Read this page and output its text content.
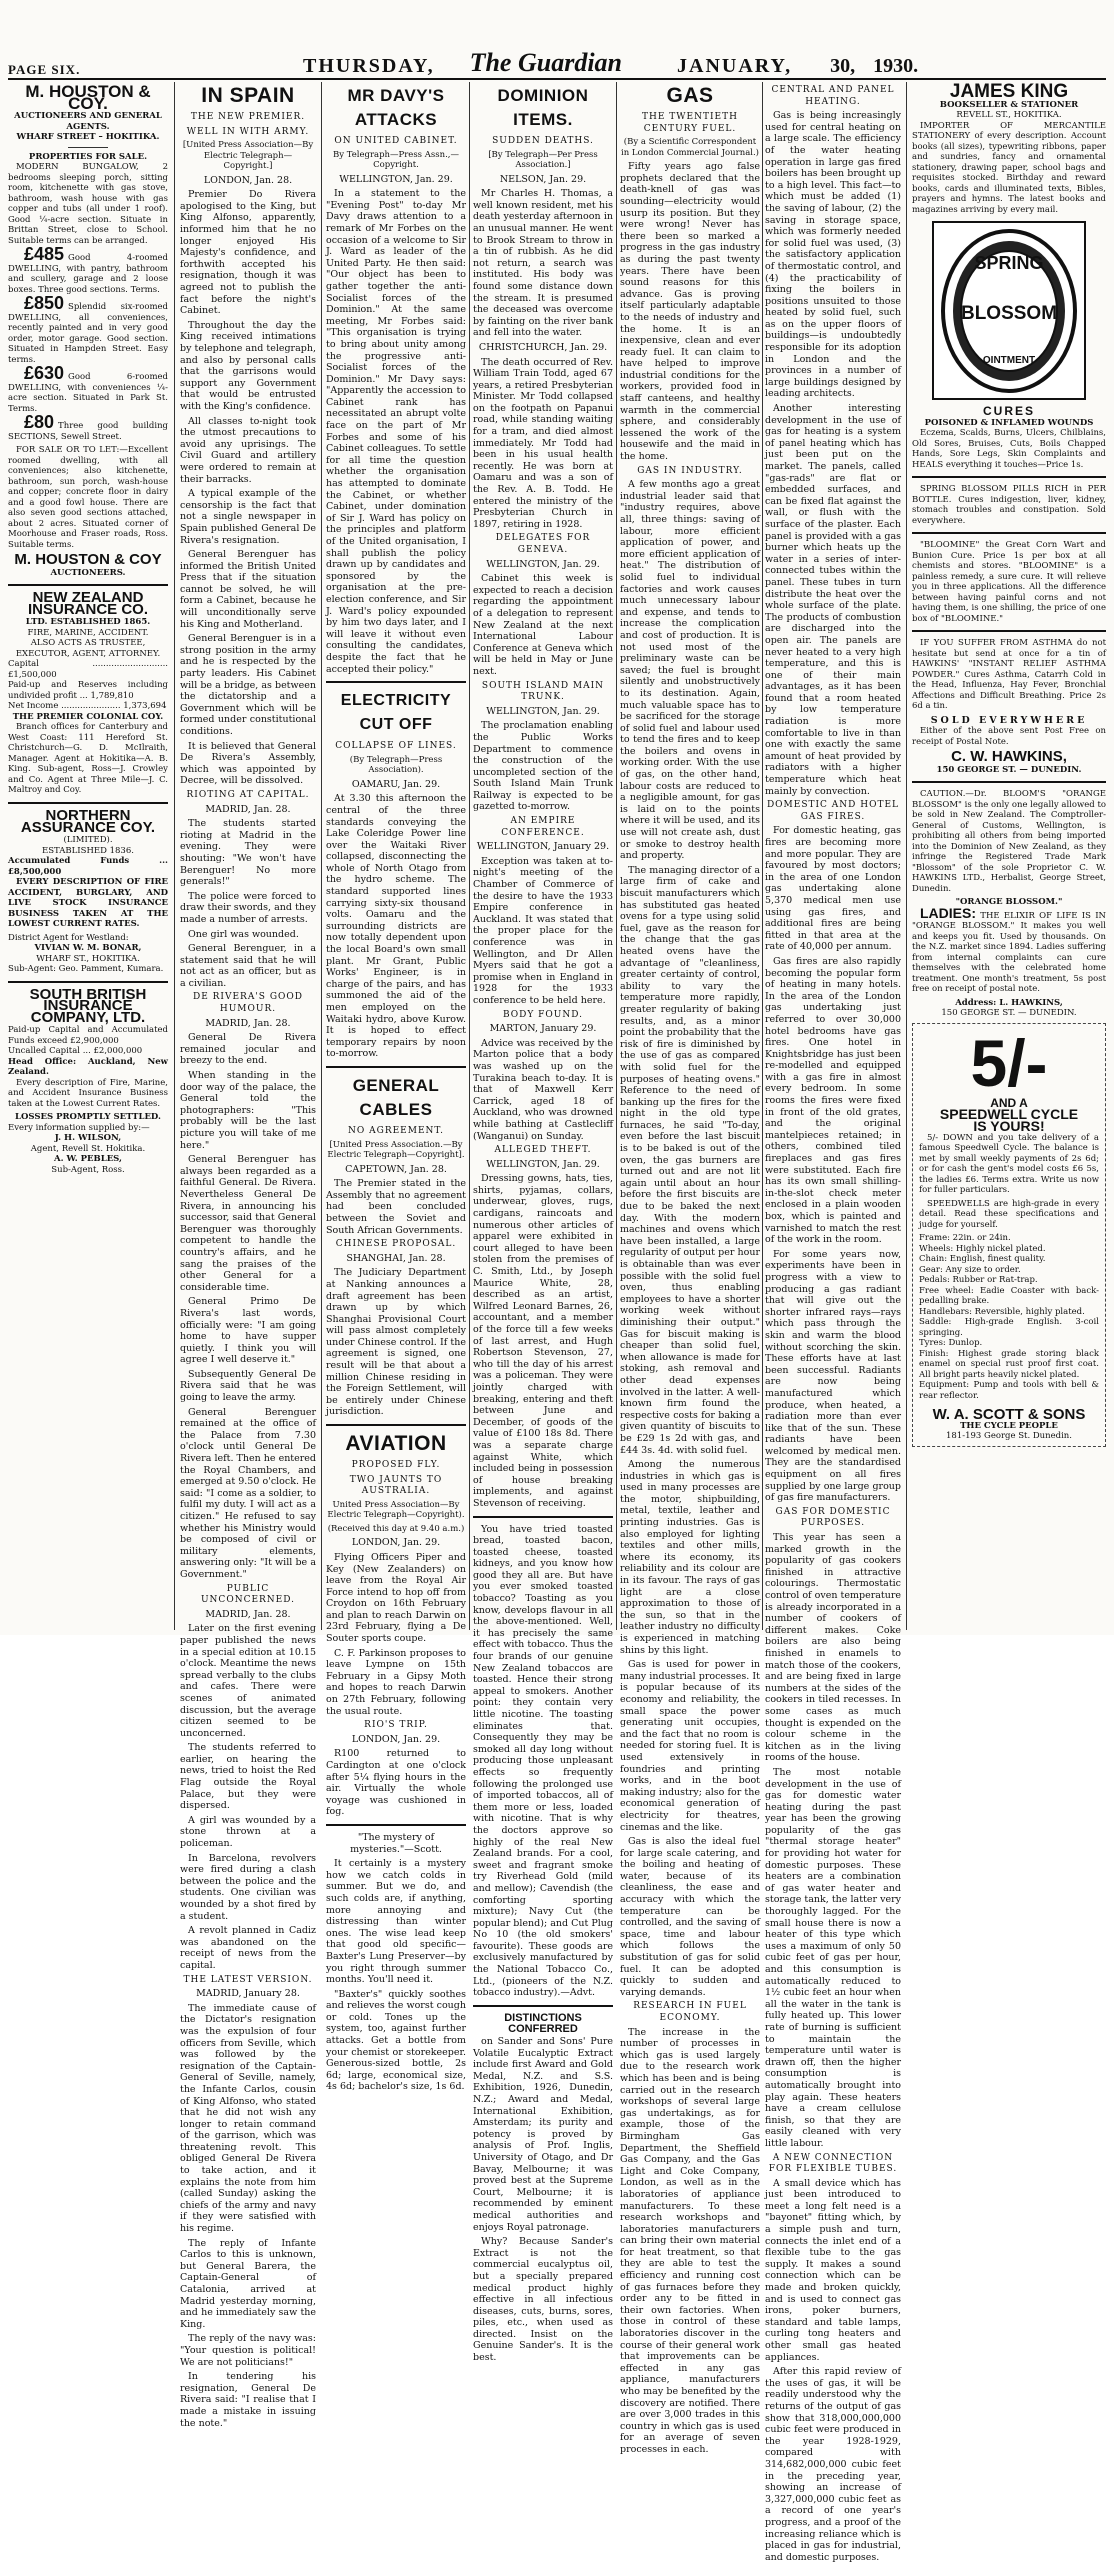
PAGE SIX.	THURSDAY, The Guardian	JANUARY, 30, 1930.
M. HOUSTON & COY.
AUCTIONEERS AND GENERAL AGENTS.
WHARF STREET – HOKITIKA.
PROPERTIES FOR SALE.

MODERN BUNGALOW, 2 bedrooms sleeping porch, sitting room, kitchenette with gas stove, bathroom, wash house with gas copper and tubs (all under 1 roof). Good ¼-acre section. Situate in Brittan Street, close to School. Suitable terms can be arranged.

£485 Good 4-roomed DWELLING, with pantry, bathroom and scullery, garage and 2 loose boxes. Three good sections. Terms.

£850 Splendid six-roomed DWELLING, all conveniences, recently painted and in very good order, motor garage. Good section. Situated in Hampden Street. Easy terms.

£630 Good 6-roomed DWELLING, with conveniences ¼-acre section. Situated in Park St. Terms.

£80 Three good building SECTIONS, Sewell Street.

FOR SALE OR TO LET:—Excellent roomed dwelling, with all conveniences; also kitchenette, bathroom, sun porch, wash-house and copper; concrete floor in dairy and a good fowl house. There are also seven good sections attached, about 2 acres. Situated corner of Moorhouse and Fraser roads, Ross. Suitable terms.

M. HOUSTON & COY
AUCTIONEERS.
NEW ZEALAND INSURANCE CO.
LTD. ESTABLISHED 1865.
FIRE, MARINE, ACCIDENT.
ALSO ACTS AS TRUSTEE, EXECUTOR, AGENT, ATTORNEY.
Capital ............................ £1,500,000
Paid-up and Reserves including undivided profit ... 1,789,810
Net Income ...................... 1,373,694
THE PREMIER COLONIAL COY.

Branch offices for Canterbury and West Coast: 111 Hereford St. Christchurch—G. D. McIlraith, Manager. Agent at Hokitika—A. B. King. Sub-agent, Ross—J. Crowley and Co. Agent at Three Mile—J. C. Maltroy and Coy.

NORTHERN ASSURANCE COY.
(LIMITED).
ESTABLISHED 1836.
Accumulated Funds ... £8,500,000

EVERY DESCRIPTION OF FIRE ACCIDENT, BURGLARY, AND LIVE STOCK INSURANCE BUSINESS TAKEN AT THE LOWEST CURRENT RATES.

District Agent for Westland:
VIVIAN W. M. BONAR,
WHARF ST., HOKITIKA.
Sub-Agent: Geo. Pamment, Kumara.
SOUTH BRITISH INSURANCE COMPANY, LTD.
Paid-up Capital and Accumulated Funds exceed £2,900,000
Uncalled Capital ... £2,000,000
Head Office: Auckland, New Zealand.

Every description of Fire, Marine, and Accident Insurance Business taken at the Lowest Current Rates.

LOSSES PROMPTLY SETTLED.
Every information supplied by:—
J. H. WILSON,
Agent, Revell St. Hokitika.
A. W. PEBLES,
Sub-Agent, Ross.
IN SPAIN
THE NEW PREMIER.
WELL IN WITH ARMY.

[United Press Association—By Electric Telegraph—Copyright.]

LONDON, Jan. 28.

Premier Do Rivera apologised to the King, but King Alfonso, apparently, informed him that he no longer enjoyed His Majesty's confidence, and forthwith accepted his resignation, though it was agreed not to publish the fact before the night's Cabinet.

Throughout the day the King received intimations by telephone and telegraph, and also by personal calls that the garrisons would support any Government that would be entrusted with the King's confidence.

All classes to-night took the utmost precautions to avoid any uprisings. The Civil Guard and artillery were ordered to remain at their barracks.

A typical example of the censorship is the fact that not a single newspaper in Spain published General De Rivera's resignation.

General Berenguer has informed the British United Press that if the situation cannot be solved, he will form a Cabinet, because he will unconditionally serve his King and Motherland.

General Berenguer is in a strong position in the army and he is respected by the party leaders. His Cabinet will be a bridge, as between the dictatorship and a Government which will be formed under constitutional conditions.

It is believed that General De Rivera's Assembly, which was appointed by Decree, will be dissolved.

RIOTING AT CAPITAL.

MADRID, Jan. 28.

The students started rioting at Madrid in the evening. They were shouting: "We won't have Berenguer! No more generals!"

The police were forced to draw their swords, and they made a number of arrests.

One girl was wounded.

General Berenguer, in a statement said that he will not act as an officer, but as a civilian.

DE RIVERA'S GOOD HUMOUR.

MADRID, Jan. 28.

General De Rivera remained jocular and breezy to the end.

When standing in the door way of the palace, the General told the photographers: "This probably will be the last picture you will take of me here."

General Berenguer has always been regarded as a faithful General. De Rivera. Nevertheless General De Rivera, in announcing his successor, said that General Berenguer was thoroughly competent to handle the country's affairs, and he sang the praises of the other General for a considerable time.

General Primo De Rivera's last words, officially were: "I am going home to have supper quietly. I think you will agree I well deserve it."

Subsequently General De Rivera said that he was going to leave the army.

General Berenguer remained at the office of the Palace from 7.30 o'clock until General De Rivera left. Then he entered the Royal Chambers, and emerged at 9.50 o'clock. He said: "I come as a soldier, to fulfil my duty. I will act as a citizen." He refused to say whether his Ministry would be composed of civil or military elements, answering only: "It will be a Government."

PUBLIC UNCONCERNED.

MADRID, Jan. 28.

Later on the first evening paper published the news in a special edition at 10.15 o'clock. Meantime the news spread verbally to the clubs and cafes. There were scenes of animated discussion, but the average citizen seemed to be unconcerned.

The students referred to earlier, on hearing the news, tried to hoist the Red Flag outside the Royal Palace, but they were dispersed.

A girl was wounded by a stone thrown at a policeman.

In Barcelona, revolvers were fired during a clash between the police and the students. One civilian was wounded by a shot fired by a student.

A revolt planned in Cadiz was abandoned on the receipt of news from the capital.

THE LATEST VERSION.

MADRID, January 28.

The immediate cause of the Dictator's resignation was the expulsion of four officers from Seville, which was followed by the resignation of the Captain-General of Seville, namely, the Infante Carlos, cousin of King Alfonso, who stated that he did not wish any longer to retain command of the garrison, which was threatening revolt. This obliged General De Rivera to take action, and it explains the note from him (called Sunday) asking the chiefs of the army and navy if they were satisfied with his regime.

The reply of Infante Carlos to this is unknown, but General Barera, the Captain-General of Catalonia, arrived at Madrid yesterday morning, and he immediately saw the King.

The reply of the navy was: "Your question is political! We are not politicians!"

In tendering his resignation, General De Rivera said: "I realise that I made a mistake in issuing the note."

MR DAVY'S ATTACKS
ON UNITED CABINET.

By Telegraph—Press Assn.,—Copyright.

WELLINGTON, Jan. 29.

In a statement to the "Evening Post" to-day Mr Davy draws attention to a remark of Mr Forbes on the occasion of a welcome to Sir J. Ward as leader of the United Party. He then said: "Our object has been to gather together the anti-Socialist forces of the Dominion." At the same meeting, Mr Forbes said: "This organisation is trying to bring about unity among the progressive anti-Socialist forces of the Dominion." Mr Davy says: "Apparently the accession to Cabinet rank has necessitated an abrupt volte face on the part of Mr Forbes and some of his Cabinet colleagues. To settle for all time the question whether the organisation has attempted to dominate the Cabinet, or whether Cabinet, under domination of Sir J. Ward has policy on the principles and platform of the United organisation, I shall publish the policy drawn up by candidates and sponsored by the organisation at the pre-election conference, and Sir J. Ward's policy expounded by him two days later, and I will leave it without even consulting the candidates, despite the fact that he accepted their policy."

ELECTRICITY CUT OFF
COLLAPSE OF LINES.

(By Telegraph—Press Association).

OAMARU, Jan. 29.

At 3.30 this afternoon the central of the three standards conveying the Lake Coleridge Power line over the Waitaki River collapsed, disconnecting the whole of North Otago from the hydro scheme. The standard supported lines carrying sixty-six thousand volts. Oamaru and the surrounding districts are now totally dependent upon the local Board's own small plant. Mr Grant, Public Works' Engineer, is in charge of the pairs, and has summoned the aid of the men employed on the Waitaki hydro, above Kurow. It is hoped to effect temporary repairs by noon to-morrow.

GENERAL CABLES
NO AGREEMENT.

[United Press Association.—By Electric Telegraph—Copyright].

CAPETOWN, Jan. 28.

The Premier stated in the Assembly that no agreement had been concluded between the Soviet and South African Governments.

CHINESE PROPOSAL.

SHANGHAI, Jan. 28.

The Judiciary Department at Nanking announces a draft agreement has been drawn up by which Shanghai Provisional Court will pass almost completely under Chinese control. If the agreement is signed, one result will be that about a million Chinese residing in the Foreign Settlement, will be entirely under Chinese jurisdiction.

AVIATION
PROPOSED FLY.
TWO JAUNTS TO AUSTRALIA.

United Press Association—By Electric Telegraph—Copyright).

(Received this day at 9.40 a.m.)

LONDON, Jan. 29.

Flying Officers Piper and Key (New Zealanders) on leave from the Royal Air Force intend to hop off from Croydon on 16th February and plan to reach Darwin on 23rd February, flying a De Souter sports coupe.

C. F. Parkinson proposes to leave Lympne on 15th February in a Gipsy Moth and hopes to reach Darwin on 27th February, following the usual route.

RIO'S TRIP.

LONDON, Jan. 29.

R100 returned to Cardington at one o'clock after 5¼ flying hours in the air. Virtually the whole voyage was cushioned in fog.

"The mystery of mysteries."—Scott.

It certainly is a mystery how we catch colds in summer. But we do, and such colds are, if anything, more annoying and distressing than winter ones. The wise lead keep that good old specific—Baxter's Lung Preserver—by you right through summer months. You'll need it.

"Baxter's" quickly soothes and relieves the worst cough or cold. Tones up the system, too, against further attacks. Get a bottle from your chemist or storekeeper. Generous-sized bottle, 2s 6d; large, economical size, 4s 6d; bachelor's size, 1s 6d.

DOMINION ITEMS.
SUDDEN DEATHS.

[By Telegraph—Per Press Association.]

NELSON, Jan. 29.

Mr Charles H. Thomas, a well known resident, met his death yesterday afternoon in an unusual manner. He went to Brook Stream to throw in a tin of rubbish. As he did not return, a search was instituted. His body was found some distance down the stream. It is presumed the deceased was overcome by fainting on the river bank and fell into the water.

CHRISTCHURCH, Jan. 29.

The death occurred of Rev. William Train Todd, aged 67 years, a retired Presbyterian Minister. Mr Todd collapsed on the footpath on Papanui road, while standing waiting for a tram, and died almost immediately. Mr Todd had been in his usual health recently. He was born at Oamaru and was a son of the Rev. A. B. Todd. He entered the ministry of the Presbyterian Church in 1897, retiring in 1928.

DELEGATES FOR GENEVA.

WELLINGTON, Jan. 29.

Cabinet this week is expected to reach a decision regarding the appointment of a delegation to represent New Zealand at the next International Labour Conference at Geneva which will be held in May or June next.

SOUTH ISLAND MAIN TRUNK.

WELLINGTON, Jan. 29.

The proclamation enabling the Public Works Department to commence the construction of the uncompleted section of the South Island Main Trunk Railway is expected to be gazetted to-morrow.

AN EMPIRE CONFERENCE.

WELLINGTON, January 29.

Exception was taken at to-night's meeting of the Chamber of Commerce of the desire to have the 1933 Empire conference in Auckland. It was stated that the proper place for the conference was in Wellington, and Dr Allen Myers said that he got a promise when in England in 1928 for the 1933 conference to be held here.

BODY FOUND.

MARTON, January 29.

Advice was received by the Marton police that a body was washed up on the Turakina beach to-day. It is that of Maxwell Kerr Carrick, aged 18 of Auckland, who was drowned while bathing at Castlecliff (Wanganui) on Sunday.

ALLEGED THEFT.

WELLINGTON, Jan. 29.

Dressing gowns, hats, ties, shirts, pyjamas, collars, underwear, gloves, rugs, cardigans, raincoats and numerous other articles of apparel were exhibited in court alleged to have been stolen from the premises of C. Smith, Ltd., by Joseph Maurice White, 28, described as an artist, Wilfred Leonard Barnes, 26, accountant, and a member of the force till a few weeks of last arrest, and Hugh Robertson Stevenson, 27, who till the day of his arrest was a policeman. They were jointly charged with breaking, entering and theft between June and December, of goods of the value of £100 18s 8d. There was a separate charge against White, which included being in possession of house breaking implements, and against Stevenson of receiving.

You have tried toasted bread, toasted bacon, toasted cheese, toasted kidneys, and you know how good they all are. But have you ever smoked toasted tobacco? Toasting as you know, develops flavour in all the above-mentioned. Well, it has precisely the same effect with tobacco. Thus the four brands of our genuine New Zealand tobaccos are toasted. Hence their strong appeal to smokers. Another point: they contain very little nicotine. The toasting eliminates that. Consequently they may be smoked all day long without producing those unpleasant effects so frequently following the prolonged use of imported tobaccos, all of them more or less, loaded with nicotine. That is why the doctors approve so highly of the real New Zealand brands. For a cool, sweet and fragrant smoke try Riverhead Gold (mild and mellow); Cavendish (the comforting sporting mixture); Navy Cut (the popular blend); and Cut Plug No 10 (the old smokers' favourite). These goods are exclusively manufactured by the National Tobacco Co., Ltd., (pioneers of the N.Z. tobacco industry).—Advt.

DISTINCTIONS CONFERRED

on Sander and Sons' Pure Volatile Eucalyptic Extract include first Award and Gold Medal, N.Z. and S.S. Exhibition, 1926, Dunedin, N.Z.; Award and Medal, International Exhibition, Amsterdam; its purity and potency is proved by analysis of Prof. Inglis, University of Otago, and Dr Bavay, Melbourne; it was proved best at the Supreme Court, Melbourne; it is recommended by eminent medical authorities and enjoys Royal patronage.

Why? Because Sander's Extract is not the commercial eucalyptus oil, but a specially prepared medical product highly effective in all infectious diseases, cuts, burns, sores, piles, etc., when used as directed. Insist on the Genuine Sander's. It is the best.

GAS
THE TWENTIETH CENTURY FUEL.

(By a Scientific Correspondent in London Commercial Journal.)

Fifty years ago false prophets declared that the death-knell of gas was sounding—electricity would usurp its position. But they were wrong! Never has there been so marked a progress in the gas industry as during the past twenty years. There have been sound reasons for this advance. Gas is proving itself particularly adaptable to the needs of industry and the home. It is an inexpensive, clean and ever ready fuel. It can claim to have helped to improve industrial conditions for the workers, provided food in staff canteens, and healthy warmth in the commercial sphere, and considerably lessened the work of the housewife and the maid in the home.

GAS IN INDUSTRY.

A few months ago a great industrial leader said that "industry requires, above all, three things: saving of labour, more efficient application of power, and more efficient application of heat." The distribution of solid fuel to individual factories and work causes much unnecessary labour and expense, and tends to increase the complication and cost of production. It is not used most of the preliminary waste can be saved; the fuel is brought silently and unobstructively to its destination. Again, much valuable space has to be sacrificed for the storage of solid fuel and labour used to tend the fires and to keep the boilers and ovens in working order. With the use of gas, on the other hand, labour costs are reduced to a negligible amount, for gas is laid on to the points where it will be used, and its use will not create ash, dust or smoke to destroy health and property.

The managing director of a large firm of cake and biscuit manufacturers which has substituted gas heated ovens for a type using solid fuel, gave as the reason for the change that the gas heated ovens have the advantage of "cleanliness, greater certainty of control, ability to vary the temperature more rapidly, greater regularity of baking results, and, as a minor point the probability that the risk of fire is diminished by the use of gas as compared with solid fuel for the purposes of heating ovens." Reference to the need of banking up the fires for the night in the old type furnaces, he said "To-day, even before the last biscuit is to be baked is out of the oven, the gas burners are turned out and are not lit again until about an hour before the first biscuits are due to be baked the next day. With the modern machines and ovens which have been installed, a large regularity of output per hour is obtainable than was ever possible with the solid fuel oven, thus enabling employees to have a shorter working week without diminishing their output." Gas for biscuit making is cheaper than solid fuel, when allowance is made for stoking, ash removal and other dead expenses involved in the latter. A well-known firm found the respective costs for baking a given quantity of biscuits to be £29 1s 2d with gas, and £44 3s. 4d. with solid fuel.

Among the numerous industries in which gas is used in many processes are the motor, shipbuilding, metal, textile, leather and printing industries. Gas is also employed for lighting textiles and other mills, where its economy, its reliability and its colour are in its favour. The rays of gas light are a close approximation to those of the sun, so that in the leather industry no difficulty is experienced in matching shins by this light.

Gas is used for power in many industrial processes. It is popular because of its economy and reliability, the small space the power generating unit occupies, and the fact that no room is needed for storing fuel. It is used extensively in foundries and printing works, and in the boot making industry; also for the economical generation of electricity for theatres, cinemas and the like.

Gas is also the ideal fuel for large scale catering, and the boiling and heating of water, because of its cleanliness, the ease and accuracy with which the temperature can be controlled, and the saving of space, time and labour which follows the substitution of gas for solid fuel. It can be adopted quickly to sudden and varying demands.

RESEARCH IN FUEL ECONOMY.

The increase in the number of processes in which gas is used largely due to the research work which has been and is being carried out in the research workshops of several large gas undertakings, as for example, those of the Birmingham Gas Department, the Sheffield Gas Company, and the Gas Light and Coke Company, London, as well as in the laboratories of appliance manufacturers. To these research workshops and laboratories manufacturers can bring their own material for heat treatment, so that they are able to test the efficiency and running cost of gas furnaces before they order any to be fitted in their own factories. When those in control of these laboratories discover in the course of their general work that improvements can be effected in any gas appliance, manufacturers who may be benefited by the discovery are notified. There are over 3,000 trades in this country in which gas is used for an average of seven processes in each.

CENTRAL AND PANEL HEATING.

Gas is being increasingly used for central heating on a large scale. The efficiency of the water heating operation in large gas fired boilers has been brought up to a high level. This fact—to which must be added (1) the saving of labour, (2) the saving in storage space, which was formerly needed for solid fuel was used, (3) the satisfactory application of thermostatic control, and (4) the practicability of fixing the boilers in positions unsuited to those heated by solid fuel, such as on the upper floors of buildings—is undoubtedly responsible for its adoption in London and the provinces in a number of large buildings designed by leading architects.

Another interesting development in the use of gas for heating is a system of panel heating which has just been put on the market. The panels, called "gas-rads" are flat or embedded surfaces, and can be fixed flat against the wall, or flush with the surface of the plaster. Each panel is provided with a gas burner which heats up the water in a series of inter-connected tubes within the panel. These tubes in turn distribute the heat over the whole surface of the plate. The products of combustion are discharged into the open air. The panels are never heated to a very high temperature, and this is one of their main advantages, as it has been found that a room heated by low temperature radiation is more comfortable to live in than one with exactly the same amount of heat provided by radiators with a higher temperature which heat mainly by convection.

DOMESTIC AND HOTEL GAS FIRES.

For domestic heating, gas fires are becoming more and more popular. They are favoured by most doctors; in the area of one London gas undertaking alone 5,370 medical men use using gas fires, and additional fires are being fitted in that area at the rate of 40,000 per annum.

Gas fires are also rapidly becoming the popular form of heating in many hotels. In the area of the London gas undertaking just referred to over 30,000 hotel bedrooms have gas fires. One hotel in Knightsbridge has just been re-modelled and equipped with a gas fire in almost every bedroom. In some rooms the fires were fixed in front of the old grates, and the original mantelpieces retained; in others, combined tiled fireplaces and gas fires were substituted. Each fire has its own small shilling-in-the-slot check meter enclosed in a plain wooden box, which is painted and varnished to match the rest of the work in the room.

For some years now, experiments have been in progress with a view to producing a gas radiant that will give out the shorter infrared rays—rays which pass through the skin and warm the blood without scorching the skin. These efforts have at last been successful. Radiants are now being manufactured which produce, when heated, a radiation more than ever like that of the sun. These radiants have been welcomed by medical men. They are the standardised equipment on all fires supplied by one large group of gas fire manufacturers.

GAS FOR DOMESTIC PURPOSES.

This year has seen a marked growth in the popularity of gas cookers finished in attractive colourings. Thermostatic control of oven temperature is already incorporated in a number of cookers of different makes. Coke boilers are also being finished in enamels to match those of the cookers, and are being fixed in large numbers at the sides of the cookers in tiled recesses. In some cases as much thought is expended on the colour scheme in the kitchen as in the living rooms of the house.

The most notable development in the use of gas for domestic water heating during the past year has been the growing popularity of the gas "thermal storage heater" for providing hot water for domestic purposes. These heaters are a combination of gas water heater and storage tank, the latter very thoroughly lagged. For the small house there is now a heater of this type which uses a maximum of only 50 cubic feet of gas per hour, and this consumption is automatically reduced to 1½ cubic feet an hour when all the water in the tank is fully heated up. This lower rate of burning is sufficient to maintain the temperature until water is drawn off, then the higher consumption is automatically brought into play again. These heaters have a cream cellulose finish, so that they are easily cleaned with very little labour.

A NEW CONNECTION FOR FLEXIBLE TUBES.

A small device which has just been introduced to meet a long felt need is a "bayonet" fitting which, by a simple push and turn, connects the inlet end of a flexible tube to the gas supply. It makes a sound connection which can be made and broken quickly, and is used to connect gas irons, poker burners, standard and table lamps, curling tong heaters and other small gas heated appliances.

After this rapid review of the uses of gas, it will be readily understood why the returns of the output of gas show that 318,000,000,000 cubic feet were produced in the year 1928-1929, compared with 314,682,000,000 cubic feet in the preceding year, showing an increase of 3,327,000,000 cubic feet as a record of one year's progress, and a proof of the increasing reliance which is placed in gas for industrial, and domestic purposes.

JAMES KING
BOOKSELLER & STATIONER
REVELL ST., HOKITIKA.

IMPORTER OF MERCANTILE STATIONERY of every description. Account books (all sizes), typewriting ribbons, paper and sundries, fancy and ornamental stationery, drawing paper, school bags and requisites stocked. Birthday and reward books, cards and illuminated texts, Bibles, prayers and hymns. The latest books and magazines arriving by every mail.

SPRING
BLOSSOM
OINTMENT
CURES
POISONED & INFLAMED WOUNDS

Eczema, Scalds, Burns, Ulcers, Chilblains, Old Sores, Bruises, Cuts, Boils Chapped Hands, Sore Legs, Skin Complaints and HEALS everything it touches—Price 1s.

SPRING BLOSSOM PILLS RICH in PER BOTTLE. Cures indigestion, liver, kidney, stomach troubles and constipation. Sold everywhere.

"BLOOMINE" the Great Corn Wart and Bunion Cure. Price 1s per box at all chemists and stores. "BLOOMINE" is a painless remedy, a sure cure. It will relieve you in three applications. All the difference between having painful corns and not having them, is one shilling, the price of one box of "BLOOMINE."

IF YOU SUFFER FROM ASTHMA do not hesitate but send at once for a tin of HAWKINS' "INSTANT RELIEF ASTHMA POWDER." Cures Asthma, Catarrh Cold in the Head, Influenza, Hay Fever, Bronchial Affections and Difficult Breathing. Price 2s 6d a tin.

SOLD EVERYWHERE

Either of the above sent Post Free on receipt of Postal Note.

C. W. HAWKINS,
150 GEORGE ST. — DUNEDIN.

CAUTION.—Dr. BLOOM'S "ORANGE BLOSSOM" is the only one legally allowed to be sold in New Zealand. The Comptroller-General of Customs, Wellington, is prohibiting all others from being imported into the Dominion of New Zealand, as they infringe the Registered Trade Mark "Blossom" of the sole Proprietor C. W. HAWKINS LTD., Herbalist, George Street, Dunedin.

"ORANGE BLOSSOM."

LADIES: THE ELIXIR OF LIFE IS IN "ORANGE BLOSSOM." It makes you well and keeps you fit. Used by thousands. On the N.Z. market since 1894. Ladies suffering from internal complaints can cure themselves with the celebrated home treatment. One month's treatment, 5s post free on receipt of postal note.

Address: L. HAWKINS,
150 GEORGE ST. — DUNEDIN.
5/-
AND A
SPEEDWELL CYCLE
IS YOURS!

5/- DOWN and you take delivery of a famous Speedwell Cycle. The balance is met by small weekly payments of 2s 6d; or for cash the gent's model costs £6 5s, the ladies £6. Terms extra. Write us now for fuller particulars.

SPEEDWELLS are high-grade in every detail. Read these specifications and judge for yourself.

Frame: 22in. or 24in.

Wheels: Highly nickel plated.

Chain: English, finest quality.

Gear: Any size to order.

Pedals: Rubber or Rat-trap.

Free wheel: Eadie Coaster with back-pedalling brake.

Handlebars: Reversible, highly plated.

Saddle: High-grade English. 3-coil springing.

Tyres: Dunlop.

Finish: Highest grade storing black enamel on special rust proof first coat. All bright parts heavily nickel plated.

Equipment: Pump and tools with bell & rear reflector.

W. A. SCOTT & SONS
THE CYCLE PEOPLE
181-193 George St. Dunedin.
